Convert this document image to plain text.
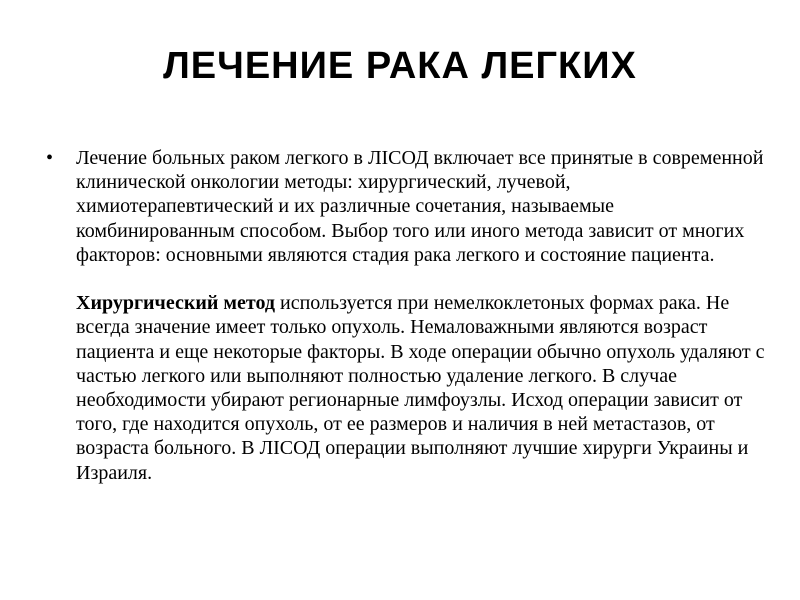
ЛЕЧЕНИЕ РАКА ЛЕГКИХ
•	Лечение больных раком легкого в ЛІСОД включает все принятые в современной клинической онкологии методы: хирургический, лучевой, химиотерапевтический и их различные сочетания, называемые комбинированным способом. Выбор того или иного метода зависит от многих факторов: основными являются стадия рака легкого и состояние пациента.

Хирургический метод используется при немелкоклетоных формах рака. Не всегда значение имеет только опухоль. Немаловажными являются возраст пациента и еще некоторые факторы. В ходе операции обычно опухоль удаляют с частью легкого или выполняют полностью удаление легкого. В случае необходимости убирают регионарные лимфоузлы. Исход операции зависит от того, где находится опухоль, от ее размеров и наличия в ней метастазов, от возраста больного. В ЛІСОД операции выполняют лучшие хирурги Украины и Израиля.
